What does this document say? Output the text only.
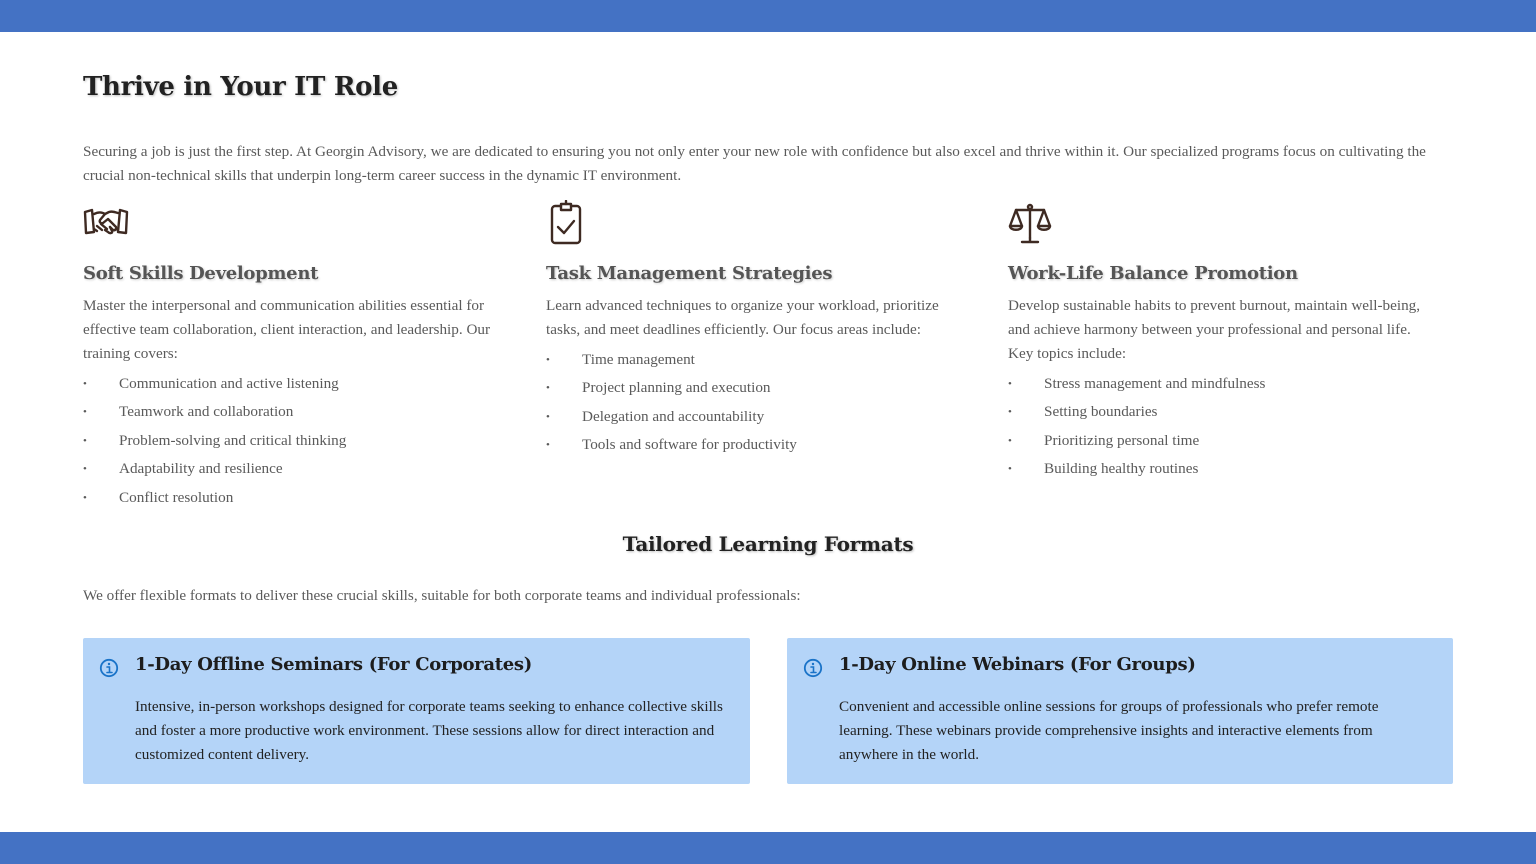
Thrive in Your IT Role

Securing a job is just the first step. At Georgin Advisory, we are dedicated to ensuring you not only enter your new role with confidence but also excel and thrive within it. Our specialized programs focus on cultivating the crucial non-technical skills that underpin long-term career success in the dynamic IT environment.

Soft Skills Development

Master the interpersonal and communication abilities essential for effective team collaboration, client interaction, and leadership. Our training covers:

• Communication and active listening
• Teamwork and collaboration
• Problem-solving and critical thinking
• Adaptability and resilience
• Conflict resolution
Task Management Strategies

Learn advanced techniques to organize your workload, prioritize tasks, and meet deadlines efficiently. Our focus areas include:

• Time management
• Project planning and execution
• Delegation and accountability
• Tools and software for productivity
Work-Life Balance Promotion

Develop sustainable habits to prevent burnout, maintain well-being, and achieve harmony between your professional and personal life. Key topics include:

• Stress management and mindfulness
• Setting boundaries
• Prioritizing personal time
• Building healthy routines
Tailored Learning Formats

We offer flexible formats to deliver these crucial skills, suitable for both corporate teams and individual professionals:

1-Day Offline Seminars (For Corporates)

Intensive, in-person workshops designed for corporate teams seeking to enhance collective skills and foster a more productive work environment. These sessions allow for direct interaction and customized content delivery.

1-Day Online Webinars (For Groups)

Convenient and accessible online sessions for groups of professionals who prefer remote learning. These webinars provide comprehensive insights and interactive elements from anywhere in the world.
